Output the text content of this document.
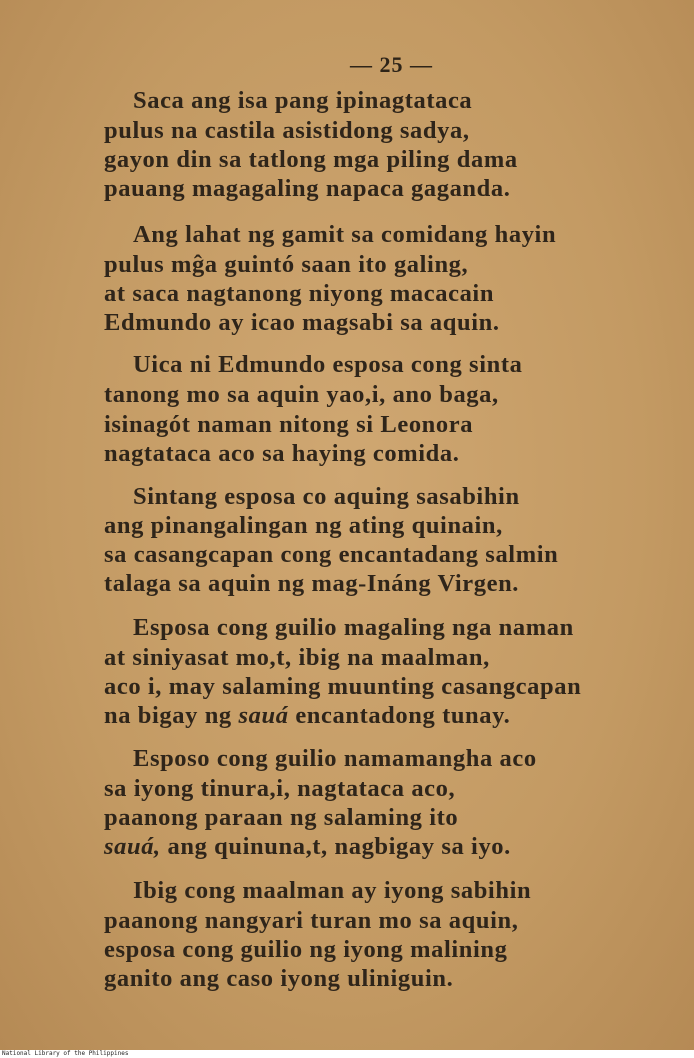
— 25 —
Saca ang isa pang ipinagtataca
pulus na castila asistidong sadya,
gayon din sa tatlong mga piling dama
pauang magagaling napaca gaganda.
Ang lahat ng gamit sa comidang hayin
pulus mĝa guintó saan ito galing,
at saca nagtanong niyong macacain
Edmundo ay icao magsabi sa aquin.
Uica ni Edmundo esposa cong sinta
tanong mo sa aquin yao,i, ano baga,
isinagót naman nitong si Leonora
nagtataca aco sa haying comida.
Sintang esposa co aquing sasabihin
ang pinangalingan ng ating quinain,
sa casangcapan cong encantadang salmin
talaga sa aquin ng mag-Ináng Virgen.
Esposa cong guilio magaling nga naman
at siniyasat mo,t, ibig na maalman,
aco i, may salaming muunting casangcapan
na bigay ng sauá encantadong tunay.
Esposo cong guilio namamangha aco
sa iyong tinura,i, nagtataca aco,
paanong paraan ng salaming ito
sauá, ang quinuna,t, nagbigay sa iyo.
Ibig cong maalman ay iyong sabihin
paanong nangyari turan mo sa aquin,
esposa cong guilio ng iyong malining
ganito ang caso iyong uliniguin.
National Library of the Philippines
